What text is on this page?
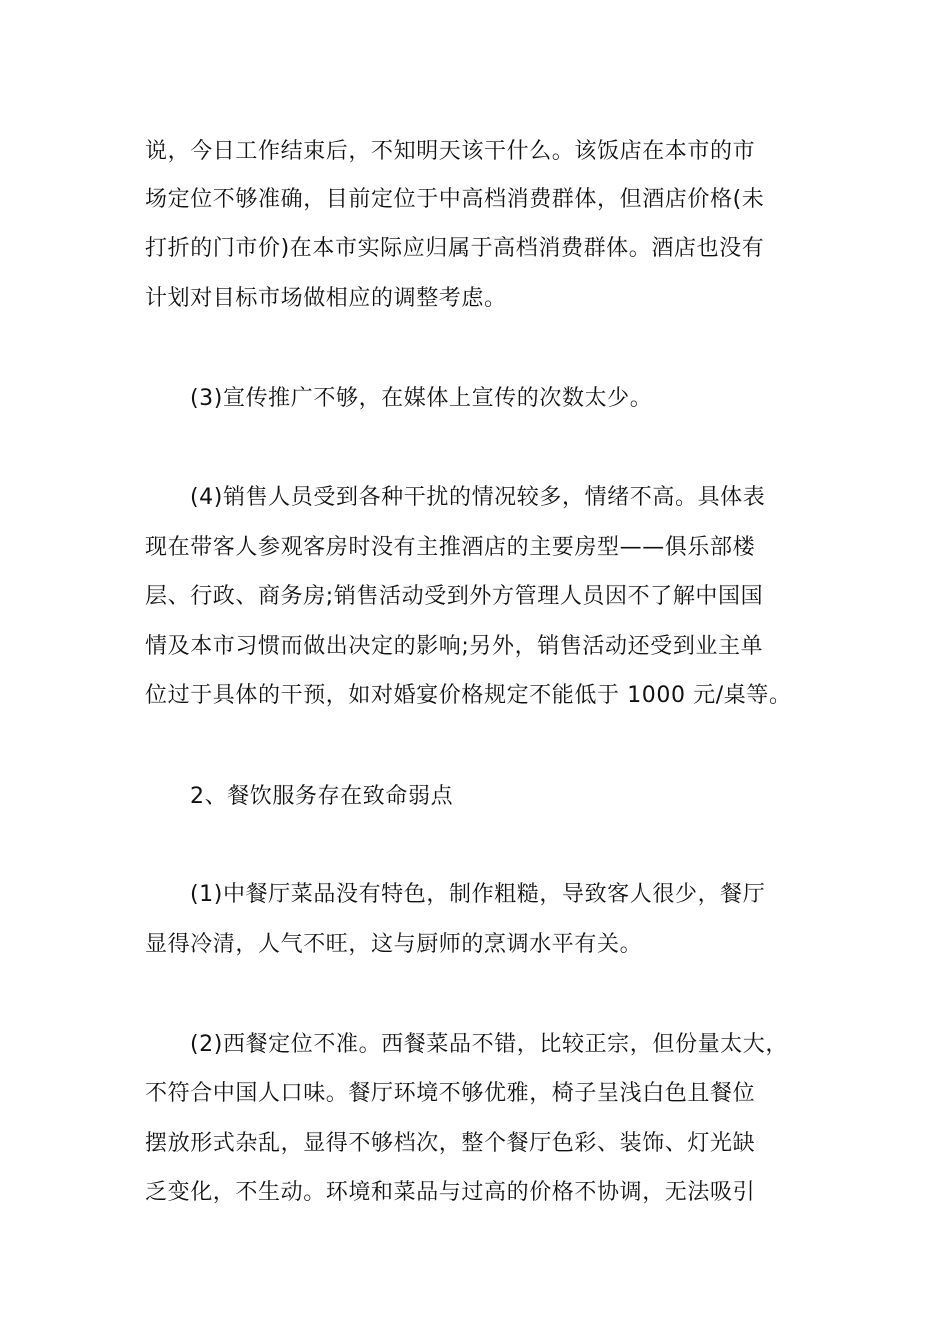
说，今日工作结束后，不知明天该干什么。该饭店在本市的市
场定位不够准确，目前定位于中高档消费群体，但酒店价格(未
打折的门市价)在本市实际应归属于高档消费群体。酒店也没有
计划对目标市场做相应的调整考虑。
(3)宣传推广不够，在媒体上宣传的次数太少。
(4)销售人员受到各种干扰的情况较多，情绪不高。具体表
现在带客人参观客房时没有主推酒店的主要房型——俱乐部楼
层、行政、商务房;销售活动受到外方管理人员因不了解中国国
情及本市习惯而做出决定的影响;另外，销售活动还受到业主单
位过于具体的干预，如对婚宴价格规定不能低于 1000 元/桌等。
2、餐饮服务存在致命弱点
(1)中餐厅菜品没有特色，制作粗糙，导致客人很少，餐厅
显得冷清，人气不旺，这与厨师的烹调水平有关。
(2)西餐定位不准。西餐菜品不错，比较正宗，但份量太大，
不符合中国人口味。餐厅环境不够优雅，椅子呈浅白色且餐位
摆放形式杂乱，显得不够档次，整个餐厅色彩、装饰、灯光缺
乏变化，不生动。环境和菜品与过高的价格不协调，无法吸引
